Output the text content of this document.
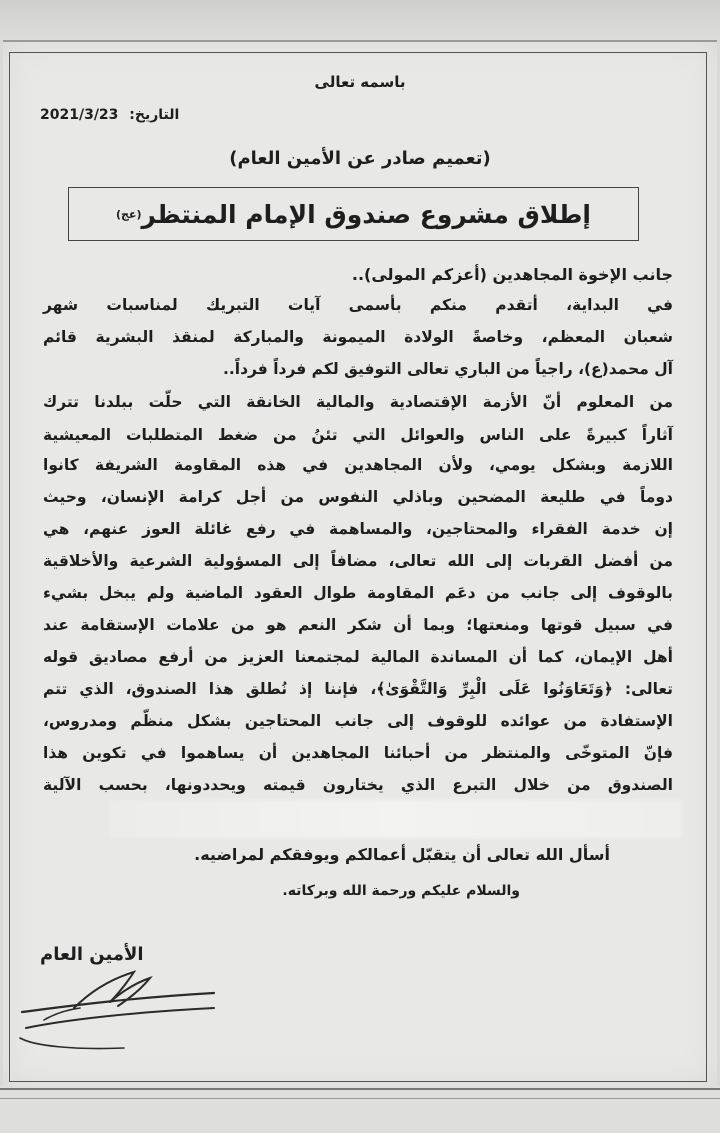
باسمه تعالى
التاريخ: 2021/3/23
(تعميم صادر عن الأمين العام)
إطلاق مشروع صندوق الإمام المنتظر
(عج)
جانب الإخوة المجاهدين (أعزكم المولى)..
في البداية، أتقدم منكم بأسمى آيات التبريك لمناسبات شهر
شعبان المعظم، وخاصةً الولادة الميمونة والمباركة لمنقذ البشرية قائم
آل محمد(ع)، راجياً من الباري تعالى التوفيق لكم فرداً فرداً..
من المعلوم أنّ الأزمة الإقتصادية والمالية الخانقة التي حلّت ببلدنا تترك
آثاراً كبيرةً على الناس والعوائل التي تئنُ من ضغط المتطلبات المعيشية
اللازمة وبشكل يومي، ولأن المجاهدين في هذه المقاومة الشريفة كانوا
دوماً في طليعة المضحين وباذلي النفوس من أجل كرامة الإنسان، وحيث
إن خدمة الفقراء والمحتاجين، والمساهمة في رفع غائلة العوز عنهم، هي
من أفضل القربات إلى الله تعالى، مضافاً إلى المسؤولية الشرعية والأخلاقية
بالوقوف إلى جانب من دعَم المقاومة طوال العقود الماضية ولم يبخل بشيء
في سبيل قوتها ومنعتها؛ وبما أن شكر النعم هو من علامات الإستقامة عند
أهل الإيمان، كما أن المساندة المالية لمجتمعنا العزيز من أرفع مصاديق قوله
تعالى: ﴿وَتَعَاوَنُوا عَلَى الْبِرِّ وَالتَّقْوَىٰ﴾، فإننا إذ نُطلق هذا الصندوق، الذي تتم
الإستفادة من عوائده للوقوف إلى جانب المحتاجين بشكل منظّم ومدروس،
فإنّ المتوخّى والمنتظر من أحبائنا المجاهدين أن يساهموا في تكوين هذا
الصندوق من خلال التبرع الذي يختارون قيمته ويحددونها، بحسب الآلية
أسأل الله تعالى أن يتقبّل أعمالكم ويوفقكم لمراضيه.
والسلام عليكم ورحمة الله وبركاته.
الأمين العام
